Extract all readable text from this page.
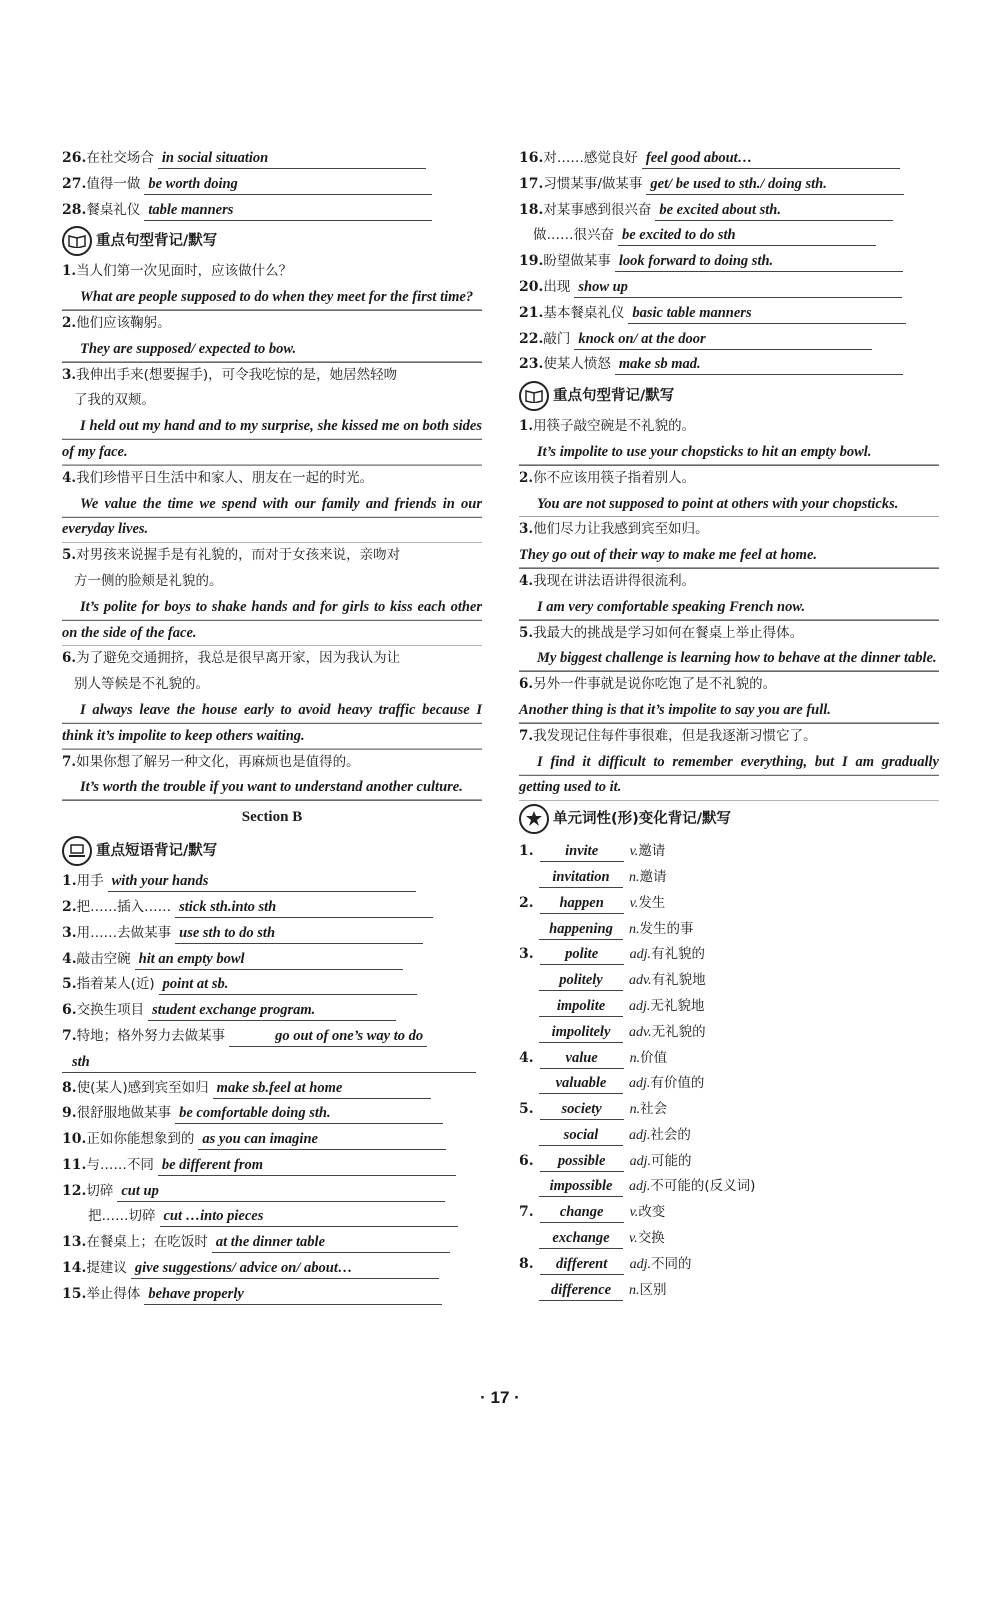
26.在社交场合 in social situation
27.值得一做 be worth doing
28.餐桌礼仪 table manners
重点句型背记/默写
1.当人们第一次见面时，应该做什么？
What are people supposed to do when they meet for the first time?
2.他们应该鞠躬。
They are supposed/ expected to bow.
3.我伸出手来(想要握手)，可令我吃惊的是，她居然轻吻
了我的双颊。
I held out my hand and to my surprise, she kissed me on both sides of my face.
4.我们珍惜平日生活中和家人、朋友在一起的时光。
We value the time we spend with our family and friends in our everyday lives.
5.对男孩来说握手是有礼貌的，而对于女孩来说，亲吻对
方一侧的脸颊是礼貌的。
It’s polite for boys to shake hands and for girls to kiss each other on the side of the face.
6.为了避免交通拥挤，我总是很早离开家，因为我认为让
别人等候是不礼貌的。
I always leave the house early to avoid heavy traffic because I think it’s impolite to keep others waiting.
7.如果你想了解另一种文化，再麻烦也是值得的。
It’s worth the trouble if you want to understand another culture.
Section B
重点短语背记/默写
1.用手 with your hands
2.把……插入…… stick sth.into sth
3.用……去做某事 use sth to do sth
4.敲击空碗 hit an empty bowl
5.指着某人(近) point at sb.
6.交换生项目 student exchange program.
7.特地；格外努力去做某事	go out of one’s way to do
sth
8.使(某人)感到宾至如归 make sb.feel at home
9.很舒服地做某事 be comfortable doing sth.
10.正如你能想象到的 as you can imagine
11.与……不同 be different from
12.切碎 cut up
把……切碎 cut …into pieces
13.在餐桌上；在吃饭时 at the dinner table
14.提建议 give suggestions/ advice on/ about…
15.举止得体 behave properly
16.对……感觉良好 feel good about…
17.习惯某事/做某事 get/ be used to sth./ doing sth.
18.对某事感到很兴奋 be excited about sth.
做……很兴奋 be excited to do sth
19.盼望做某事 look forward to doing sth.
20.出现 show up
21.基本餐桌礼仪 basic table manners
22.敲门 knock on/ at the door
23.使某人愤怒 make sb mad.
重点句型背记/默写
1.用筷子敲空碗是不礼貌的。
It’s impolite to use your chopsticks to hit an empty bowl.
2.你不应该用筷子指着别人。
You are not supposed to point at others with your chopsticks.
3.他们尽力让我感到宾至如归。
They go out of their way to make me feel at home.
4.我现在讲法语讲得很流利。
I am very comfortable speaking French now.
5.我最大的挑战是学习如何在餐桌上举止得体。
My biggest challenge is learning how to behave at the dinner table.
6.另外一件事就是说你吃饱了是不礼貌的。
Another thing is that it’s impolite to say you are full.
7.我发现记住每件事很难，但是我逐渐习惯它了。
I find it difficult to remember everything, but I am gradually getting used to it.
单元词性(形)变化背记/默写
1. invite v.邀请
invitation n.邀请
2. happen v.发生
happening n.发生的事
3. polite adj.有礼貌的
politely adv.有礼貌地
impolite adj.无礼貌地
impolitely adv.无礼貌的
4. value n.价值
valuable adj.有价值的
5. society n.社会
social adj.社会的
6. possible adj.可能的
impossible adj.不可能的(反义词)
7. change v.改变
exchange v.交换
8. different adj.不同的
difference n.区别
· 17 ·
